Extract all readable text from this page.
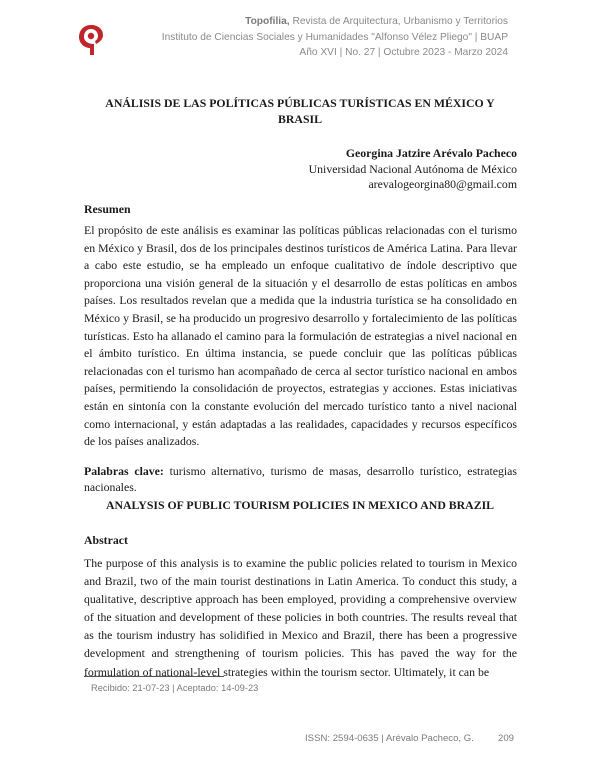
Topofilia, Revista de Arquitectura, Urbanismo y Territorios
Instituto de Ciencias Sociales y Humanidades "Alfonso Vélez Pliego" | BUAP
Año XVI | No. 27 | Octubre 2023 - Marzo 2024
ANÁLISIS DE LAS POLÍTICAS PÚBLICAS TURÍSTICAS EN MÉXICO Y BRASIL
Georgina Jatzire Arévalo Pacheco
Universidad Nacional Autónoma de México
arevalogeorgina80@gmail.com
Resumen
El propósito de este análisis es examinar las políticas públicas relacionadas con el turismo en México y Brasil, dos de los principales destinos turísticos de América Latina. Para llevar a cabo este estudio, se ha empleado un enfoque cualitativo de índole descriptivo que proporciona una visión general de la situación y el desarrollo de estas políticas en ambos países. Los resultados revelan que a medida que la industria turística se ha consolidado en México y Brasil, se ha producido un progresivo desarrollo y fortalecimiento de las políticas turísticas. Esto ha allanado el camino para la formulación de estrategias a nivel nacional en el ámbito turístico. En última instancia, se puede concluir que las políticas públicas relacionadas con el turismo han acompañado de cerca al sector turístico nacional en ambos países, permitiendo la consolidación de proyectos, estrategias y acciones. Estas iniciativas están en sintonía con la constante evolución del mercado turístico tanto a nivel nacional como internacional, y están adaptadas a las realidades, capacidades y recursos específicos de los países analizados.
Palabras clave: turismo alternativo, turismo de masas, desarrollo turístico, estrategias nacionales.
ANALYSIS OF PUBLIC TOURISM POLICIES IN MEXICO AND BRAZIL
Abstract
The purpose of this analysis is to examine the public policies related to tourism in Mexico and Brazil, two of the main tourist destinations in Latin America. To conduct this study, a qualitative, descriptive approach has been employed, providing a comprehensive overview of the situation and development of these policies in both countries. The results reveal that as the tourism industry has solidified in Mexico and Brazil, there has been a progressive development and strengthening of tourism policies. This has paved the way for the formulation of national-level strategies within the tourism sector. Ultimately, it can be
Recibido: 21-07-23 | Aceptado: 14-09-23
ISSN: 2594-0635 | Arévalo Pacheco, G.	209
